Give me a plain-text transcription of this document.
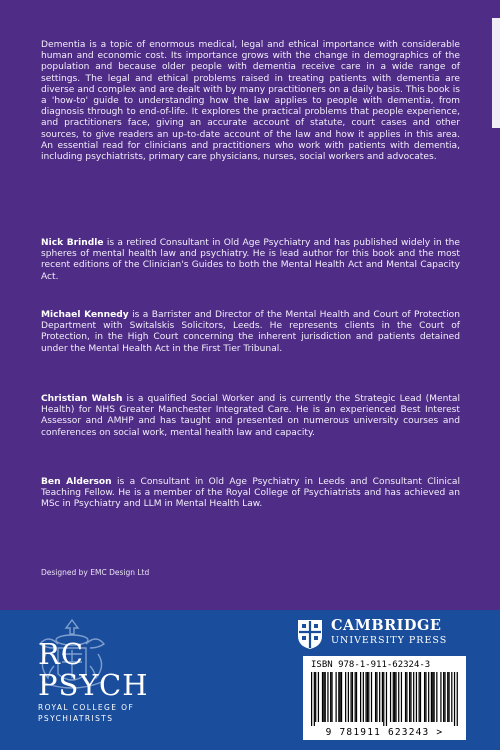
Dementia is a topic of enormous medical, legal and ethical importance with considerable human and economic cost. Its importance grows with the change in demographics of the population and because older people with dementia receive care in a wide range of settings. The legal and ethical problems raised in treating patients with dementia are diverse and complex and are dealt with by many practitioners on a daily basis. This book is a 'how-to' guide to understanding how the law applies to people with dementia, from diagnosis through to end-of-life. It explores the practical problems that people experience, and practitioners face, giving an accurate account of statute, court cases and other sources, to give readers an up-to-date account of the law and how it applies in this area. An essential read for clinicians and practitioners who work with patients with dementia, including psychiatrists, primary care physicians, nurses, social workers and advocates.

Nick Brindle is a retired Consultant in Old Age Psychiatry and has published widely in the spheres of mental health law and psychiatry. He is lead author for this book and the most recent editions of the Clinician's Guides to both the Mental Health Act and Mental Capacity Act.

Michael Kennedy is a Barrister and Director of the Mental Health and Court of Protection Department with Switalskis Solicitors, Leeds. He represents clients in the Court of Protection, in the High Court concerning the inherent jurisdiction and patients detained under the Mental Health Act in the First Tier Tribunal.

Christian Walsh is a qualified Social Worker and is currently the Strategic Lead (Mental Health) for NHS Greater Manchester Integrated Care. He is an experienced Best Interest Assessor and AMHP and has taught and presented on numerous university courses and conferences on social work, mental health law and capacity.

Ben Alderson is a Consultant in Old Age Psychiatry in Leeds and Consultant Clinical Teaching Fellow. He is a member of the Royal College of Psychiatrists and has achieved an MSc in Psychiatry and LLM in Mental Health Law.

Designed by EMC Design Ltd
RC
PSYCH
ROYAL COLLEGE OF
PSYCHIATRISTS
CAMBRIDGE
UNIVERSITY PRESS
ISBN 978-1-911-62324-3
9 781911 623243 >
